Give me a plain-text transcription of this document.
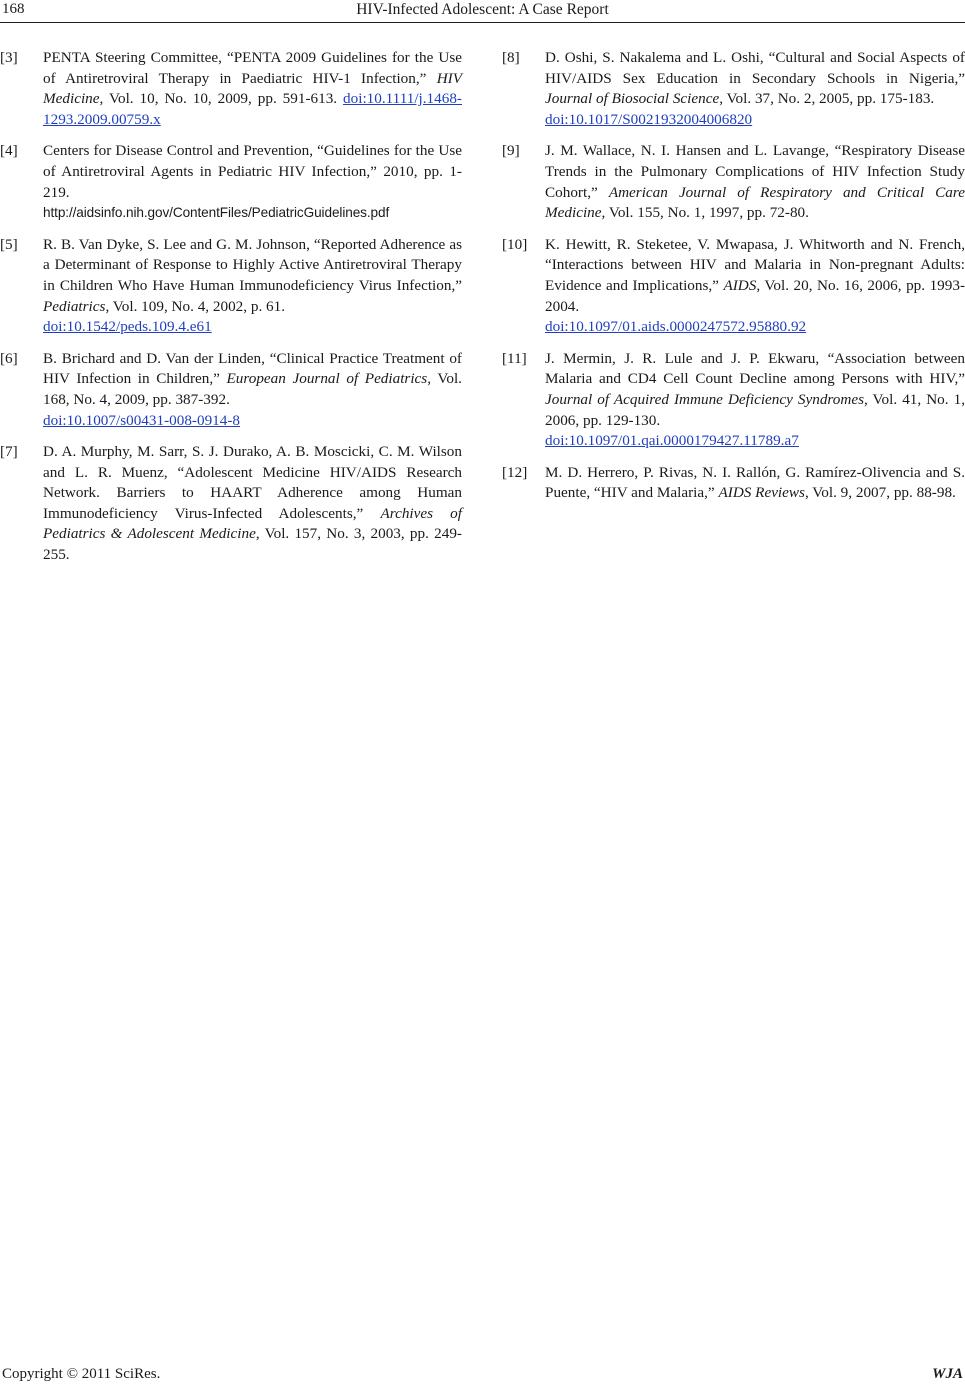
168	HIV-Infected Adolescent: A Case Report
[3] PENTA Steering Committee, “PENTA 2009 Guidelines for the Use of Antiretroviral Therapy in Paediatric HIV-1 Infection,” HIV Medicine, Vol. 10, No. 10, 2009, pp. 591-613. doi:10.1111/j.1468-1293.2009.00759.x
[4] Centers for Disease Control and Prevention, “Guidelines for the Use of Antiretroviral Agents in Pediatric HIV Infection,” 2010, pp. 1-219.
http://aidsinfo.nih.gov/ContentFiles/PediatricGuidelines.pdf
[5] R. B. Van Dyke, S. Lee and G. M. Johnson, “Reported Adherence as a Determinant of Response to Highly Active Antiretroviral Therapy in Children Who Have Human Immunodeficiency Virus Infection,” Pediatrics, Vol. 109, No. 4, 2002, p. 61.
doi:10.1542/peds.109.4.e61
[6] B. Brichard and D. Van der Linden, “Clinical Practice Treatment of HIV Infection in Children,” European Journal of Pediatrics, Vol. 168, No. 4, 2009, pp. 387-392.
doi:10.1007/s00431-008-0914-8
[7] D. A. Murphy, M. Sarr, S. J. Durako, A. B. Moscicki, C. M. Wilson and L. R. Muenz, “Adolescent Medicine HIV/AIDS Research Network. Barriers to HAART Adherence among Human Immunodeficiency Virus-Infected Adolescents,” Archives of Pediatrics & Adolescent Medicine, Vol. 157, No. 3, 2003, pp. 249-255.
[8] D. Oshi, S. Nakalema and L. Oshi, “Cultural and Social Aspects of HIV/AIDS Sex Education in Secondary Schools in Nigeria,” Journal of Biosocial Science, Vol. 37, No. 2, 2005, pp. 175-183.
doi:10.1017/S0021932004006820
[9] J. M. Wallace, N. I. Hansen and L. Lavange, “Respiratory Disease Trends in the Pulmonary Complications of HIV Infection Study Cohort,” American Journal of Respiratory and Critical Care Medicine, Vol. 155, No. 1, 1997, pp. 72-80.
[10] K. Hewitt, R. Steketee, V. Mwapasa, J. Whitworth and N. French, “Interactions between HIV and Malaria in Non-pregnant Adults: Evidence and Implications,” AIDS, Vol. 20, No. 16, 2006, pp. 1993-2004.
doi:10.1097/01.aids.0000247572.95880.92
[11] J. Mermin, J. R. Lule and J. P. Ekwaru, “Association between Malaria and CD4 Cell Count Decline among Persons with HIV,” Journal of Acquired Immune Deficiency Syndromes, Vol. 41, No. 1, 2006, pp. 129-130.
doi:10.1097/01.qai.0000179427.11789.a7
[12] M. D. Herrero, P. Rivas, N. I. Rallón, G. Ramírez-Olivencia and S. Puente, “HIV and Malaria,” AIDS Reviews, Vol. 9, 2007, pp. 88-98.
Copyright © 2011 SciRes.	WJA
